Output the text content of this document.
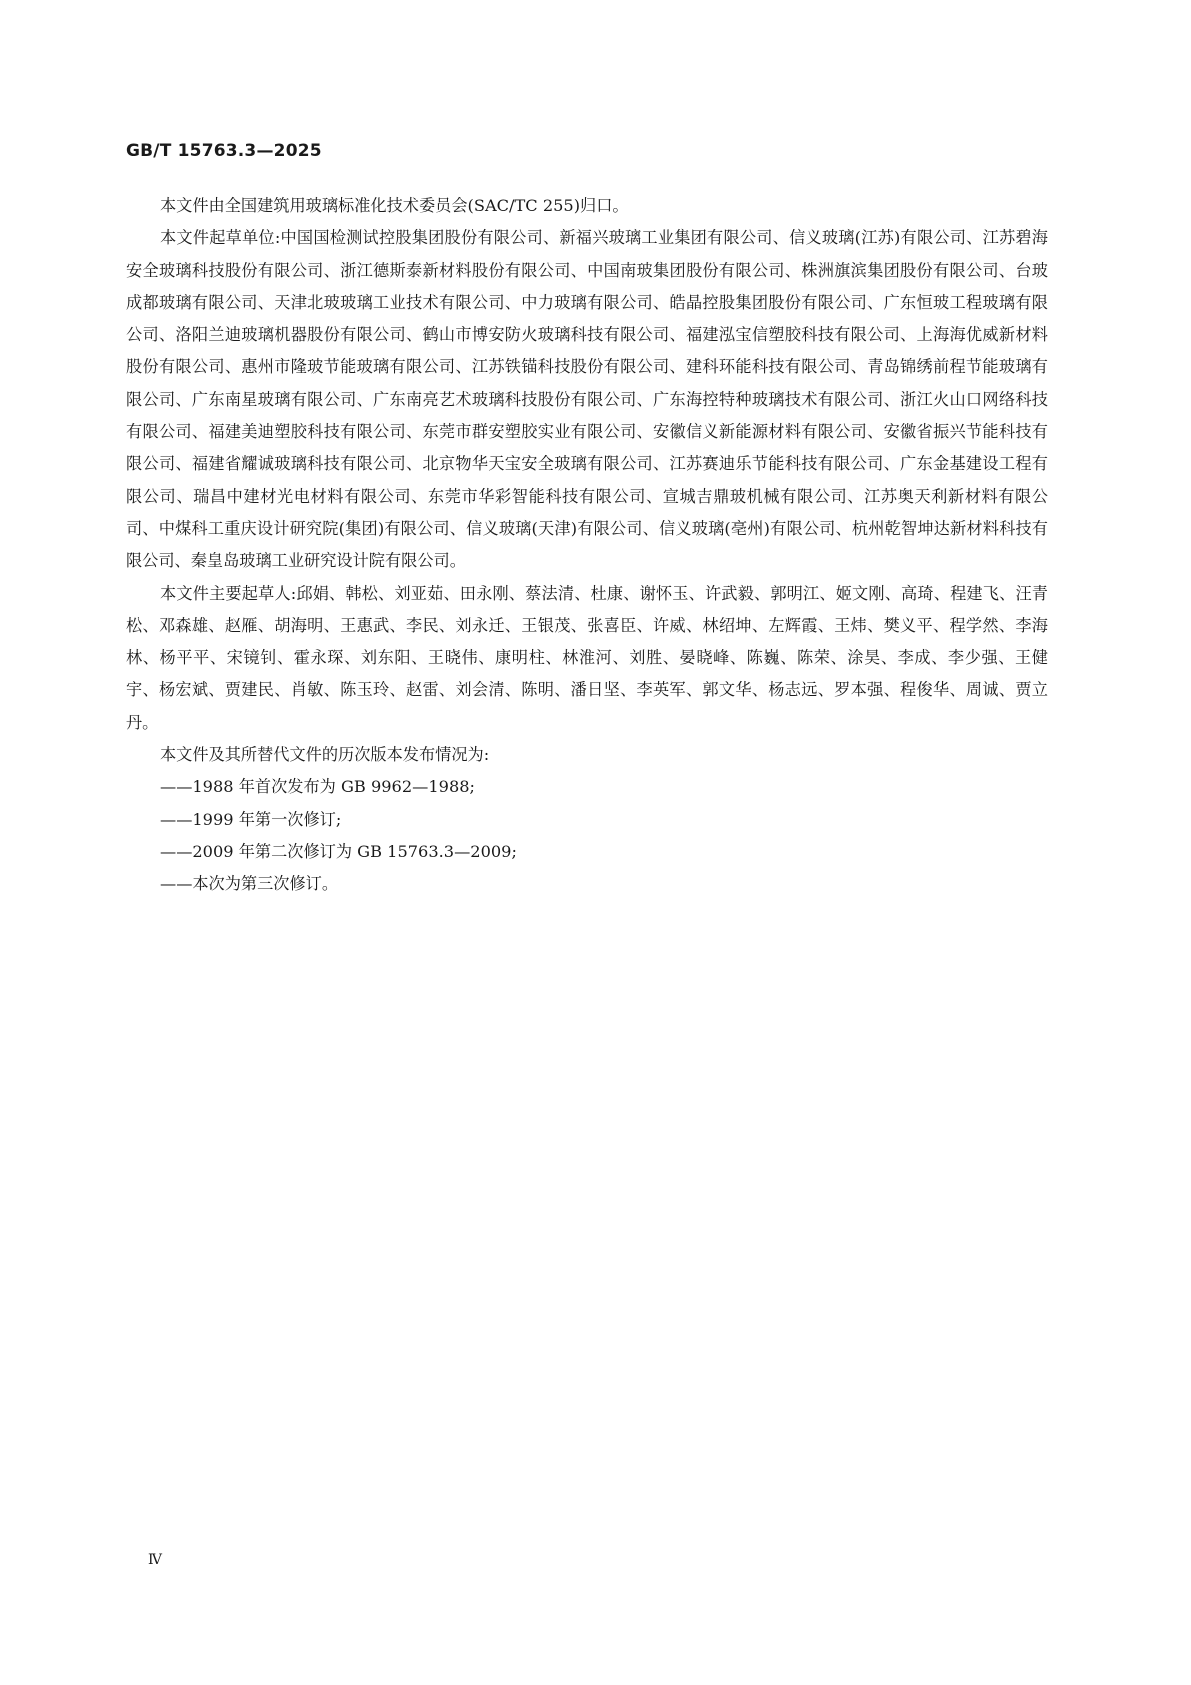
GB/T 15763.3—2025

本文件由全国建筑用玻璃标准化技术委员会(SAC/TC 255)归口。

本文件起草单位:中国国检测试控股集团股份有限公司、新福兴玻璃工业集团有限公司、信义玻璃(江苏)有限公司、江苏碧海安全玻璃科技股份有限公司、浙江德斯泰新材料股份有限公司、中国南玻集团股份有限公司、株洲旗滨集团股份有限公司、台玻成都玻璃有限公司、天津北玻玻璃工业技术有限公司、中力玻璃有限公司、皓晶控股集团股份有限公司、广东恒玻工程玻璃有限公司、洛阳兰迪玻璃机器股份有限公司、鹤山市博安防火玻璃科技有限公司、福建泓宝信塑胶科技有限公司、上海海优威新材料股份有限公司、惠州市隆玻节能玻璃有限公司、江苏铁锚科技股份有限公司、建科环能科技有限公司、青岛锦绣前程节能玻璃有限公司、广东南星玻璃有限公司、广东南亮艺术玻璃科技股份有限公司、广东海控特种玻璃技术有限公司、浙江火山口网络科技有限公司、福建美迪塑胶科技有限公司、东莞市群安塑胶实业有限公司、安徽信义新能源材料有限公司、安徽省振兴节能科技有限公司、福建省耀诚玻璃科技有限公司、北京物华天宝安全玻璃有限公司、江苏赛迪乐节能科技有限公司、广东金基建设工程有限公司、瑞昌中建材光电材料有限公司、东莞市华彩智能科技有限公司、宣城吉鼎玻机械有限公司、江苏奥天利新材料有限公司、中煤科工重庆设计研究院(集团)有限公司、信义玻璃(天津)有限公司、信义玻璃(亳州)有限公司、杭州乾智坤达新材料科技有限公司、秦皇岛玻璃工业研究设计院有限公司。

本文件主要起草人:邱娟、韩松、刘亚茹、田永刚、蔡法清、杜康、谢怀玉、许武毅、郭明江、姬文刚、高琦、程建飞、汪青松、邓森雄、赵雁、胡海明、王惠武、李民、刘永迁、王银茂、张喜臣、许威、林绍坤、左辉霞、王炜、樊义平、程学然、李海林、杨平平、宋镜钊、霍永琛、刘东阳、王晓伟、康明柱、林淮河、刘胜、晏晓峰、陈巍、陈荣、涂昊、李成、李少强、王健宇、杨宏斌、贾建民、肖敏、陈玉玲、赵雷、刘会清、陈明、潘日坚、李英军、郭文华、杨志远、罗本强、程俊华、周诚、贾立丹。

本文件及其所替代文件的历次版本发布情况为:

——1988 年首次发布为 GB 9962—1988;
——1999 年第一次修订;
——2009 年第二次修订为 GB 15763.3—2009;
——本次为第三次修订。
Ⅳ
